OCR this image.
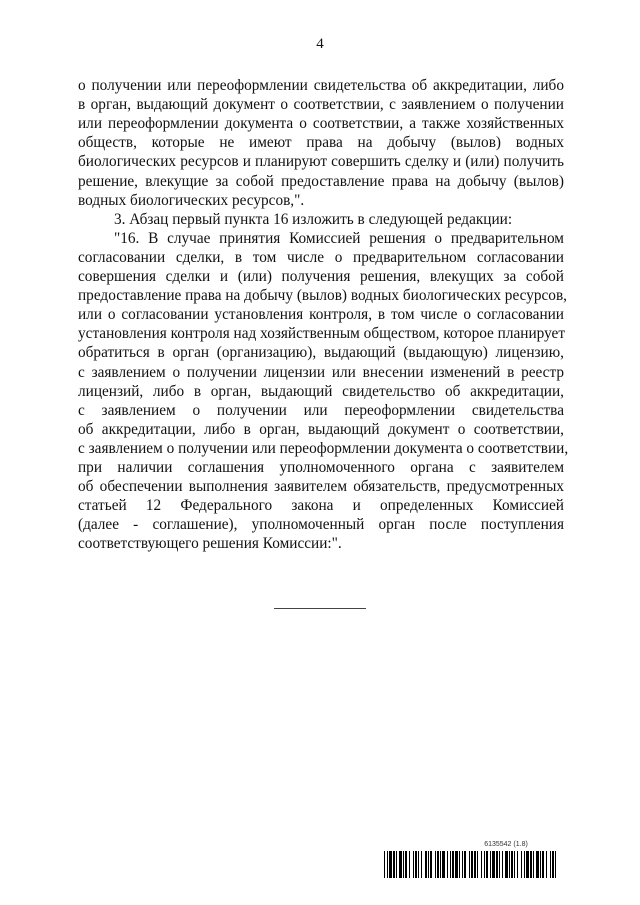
4
о получении или переоформлении свидетельства об аккредитации, либо
в орган, выдающий документ о соответствии, с заявлением о получении
или переоформлении документа о соответствии, а также хозяйственных
обществ, которые не имеют права на добычу (вылов) водных
биологических ресурсов и планируют совершить сделку и (или) получить
решение, влекущие за собой предоставление права на добычу (вылов)
водных биологических ресурсов,".
3. Абзац первый пункта 16 изложить в следующей редакции:
"16. В случае принятия Комиссией решения о предварительном
согласовании сделки, в том числе о предварительном согласовании
совершения сделки и (или) получения решения, влекущих за собой
предоставление права на добычу (вылов) водных биологических ресурсов,
или о согласовании установления контроля, в том числе о согласовании
установления контроля над хозяйственным обществом, которое планирует
обратиться в орган (организацию), выдающий (выдающую) лицензию,
с заявлением о получении лицензии или внесении изменений в реестр
лицензий, либо в орган, выдающий свидетельство об аккредитации,
с заявлением о получении или переоформлении свидетельства
об аккредитации, либо в орган, выдающий документ о соответствии,
с заявлением о получении или переоформлении документа о соответствии,
при наличии соглашения уполномоченного органа с заявителем
об обеспечении выполнения заявителем обязательств, предусмотренных
статьей 12 Федерального закона и определенных Комиссией
(далее - соглашение), уполномоченный орган после поступления
соответствующего решения Комиссии:".
6135542 (1.8)
